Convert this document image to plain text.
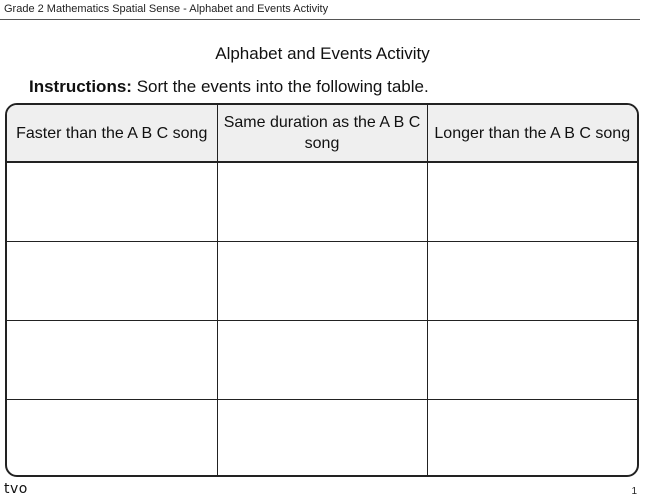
Grade 2 Mathematics Spatial Sense - Alphabet and Events Activity
Alphabet and Events Activity
Instructions: Sort the events into the following table.
Faster than the A B C song	Same duration as the A B C song	Longer than the A B C song

tvo	1
